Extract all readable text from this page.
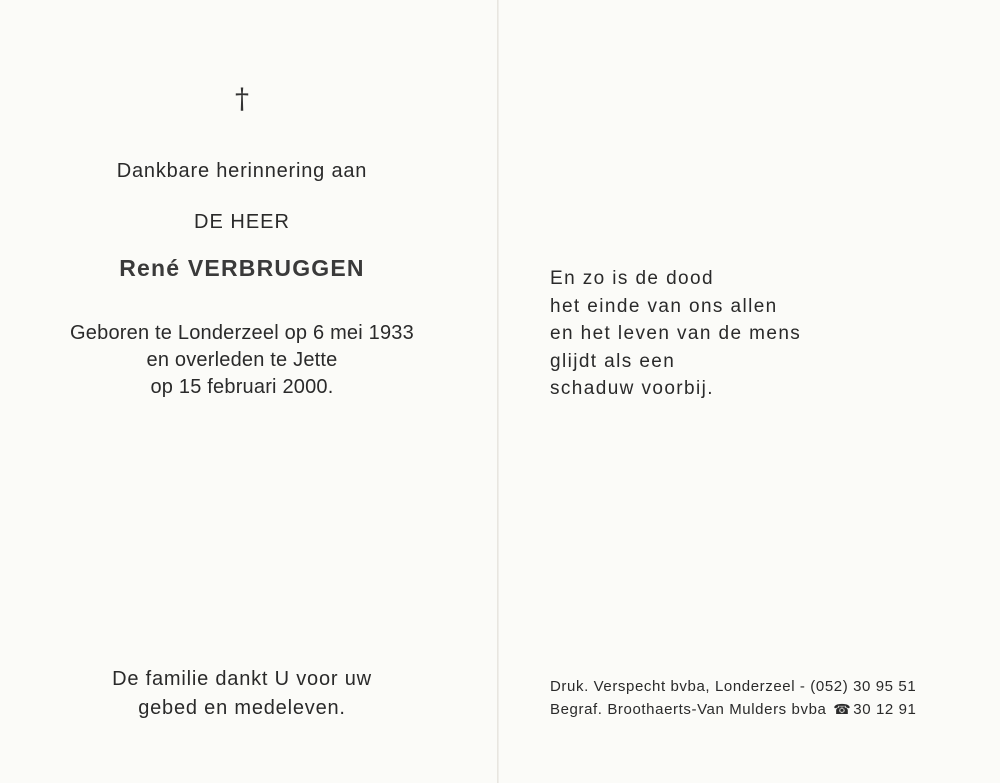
†
Dankbare herinnering aan
DE HEER
René VERBRUGGEN
Geboren te Londerzeel op 6 mei 1933
en overleden te Jette
op 15 februari 2000.
De familie dankt U voor uw
gebed en medeleven.
En zo is de dood
het einde van ons allen
en het leven van de mens
glijdt als een
schaduw voorbij.
Druk. Verspecht bvba, Londerzeel - (052) 30 95 51
Begraf. Broothaerts-Van Mulders bvba ☎ 30 12 91
